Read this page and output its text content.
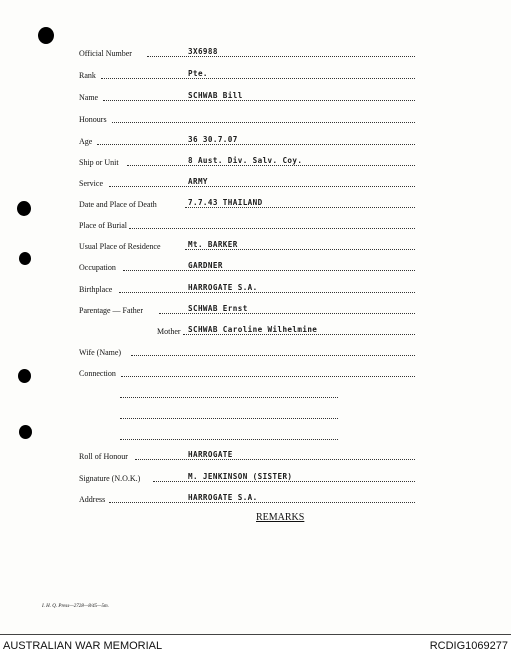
Official Number	3X6988
Rank	Pte.
Name	SCHWAB Bill
Honours
Age	36 30.7.07
Ship or Unit	8 Aust. Div. Salv. Coy.
Service	ARMY
Date and Place of Death	7.7.43 THAILAND
Place of Burial
Usual Place of Residence	Mt. BARKER
Occupation	GARDNER
Birthplace	HARROGATE S.A.
Parentage — Father	SCHWAB Ernst
Mother SCHWAB Caroline Wilhelmine
Wife (Name)
Connection
Roll of Honour	HARROGATE
Signature (N.O.K.)	M. JENKINSON (SISTER)
Address	HARROGATE S.A.
REMARKS
I. H. Q. Press—2728—8/45—5m.
AUSTRALIAN WAR MEMORIAL	RCDIG1069277
